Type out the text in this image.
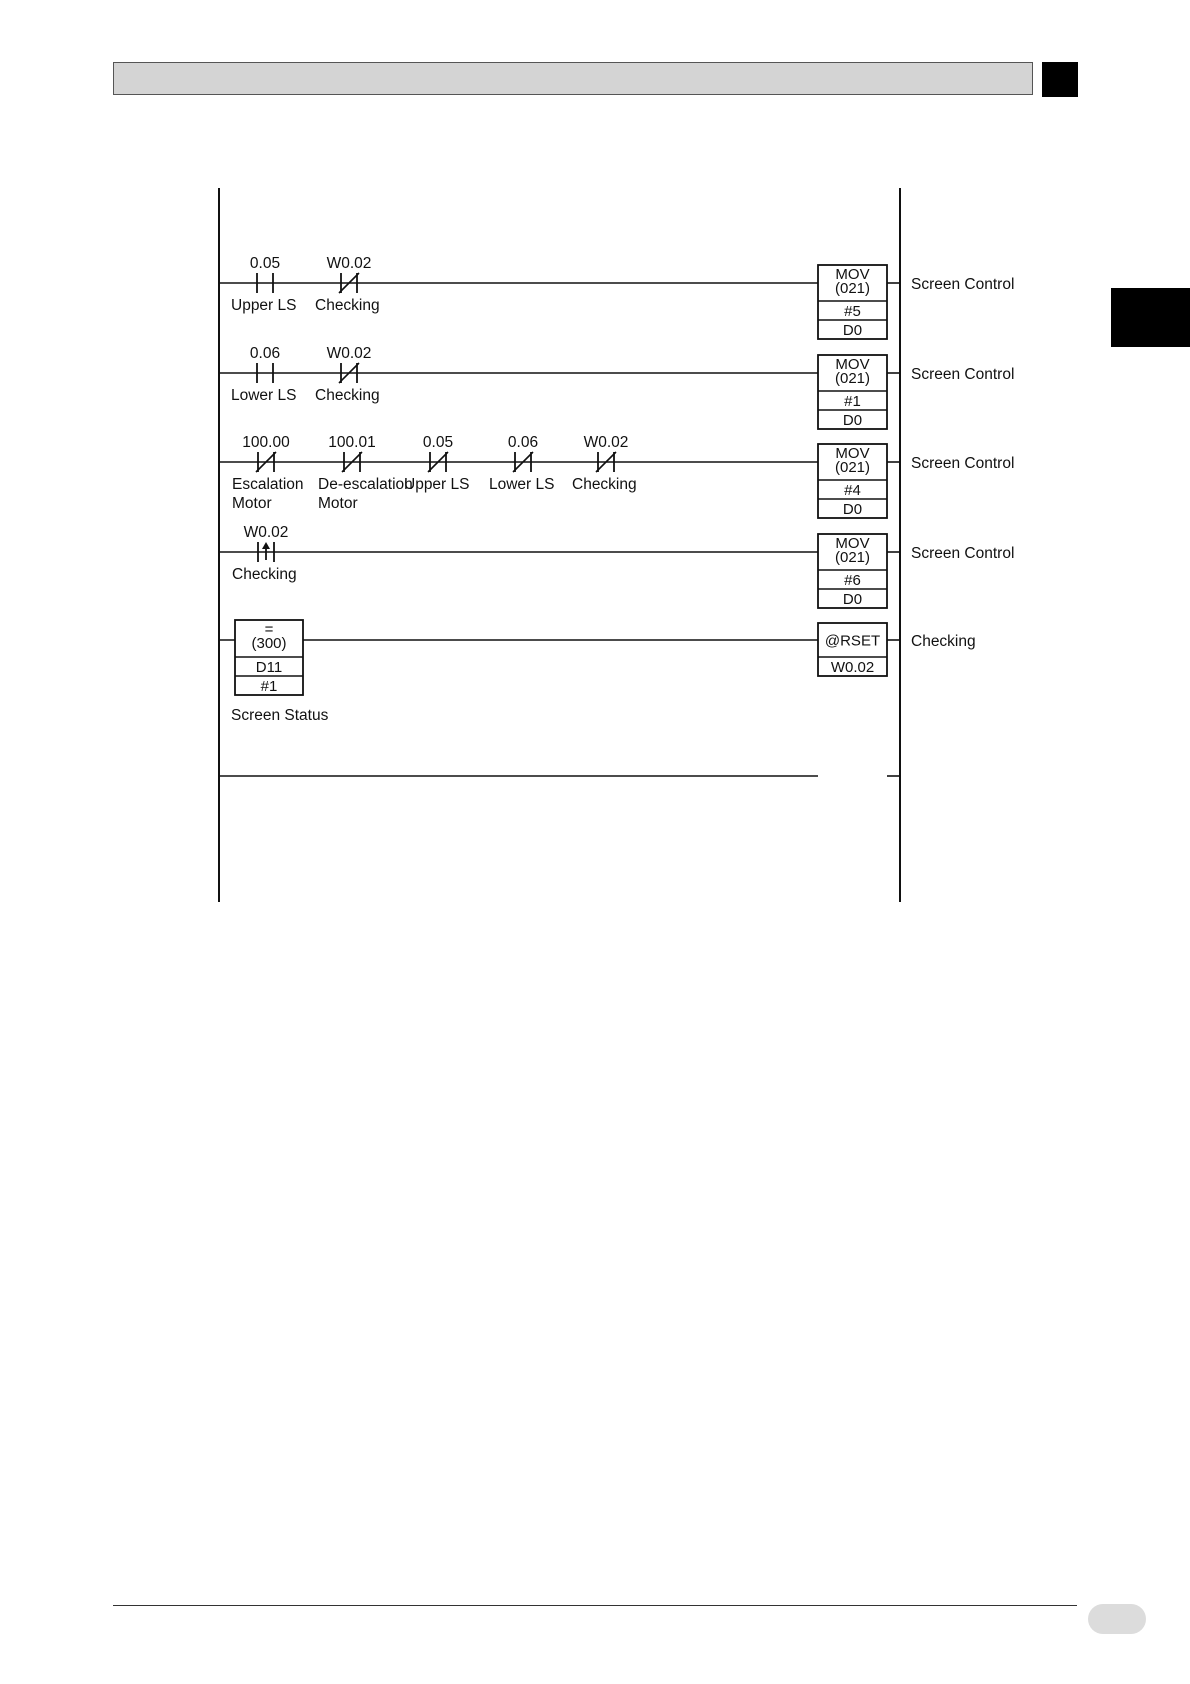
0.05
Upper LS
W0.02
Checking
MOV
(021)
#5
D0
Screen Control
0.06
Lower LS
W0.02
Checking
MOV
(021)
#1
D0
Screen Control
100.00
Escalation
Motor
100.01
De-escalation
Motor
0.05
Upper LS
0.06
Lower LS
W0.02
Checking
MOV
(021)
#4
D0
Screen Control
W0.02
Checking
MOV
(021)
#6
D0
Screen Control
=
(300)
D11
#1
Screen Status
@RSET
W0.02
Checking
